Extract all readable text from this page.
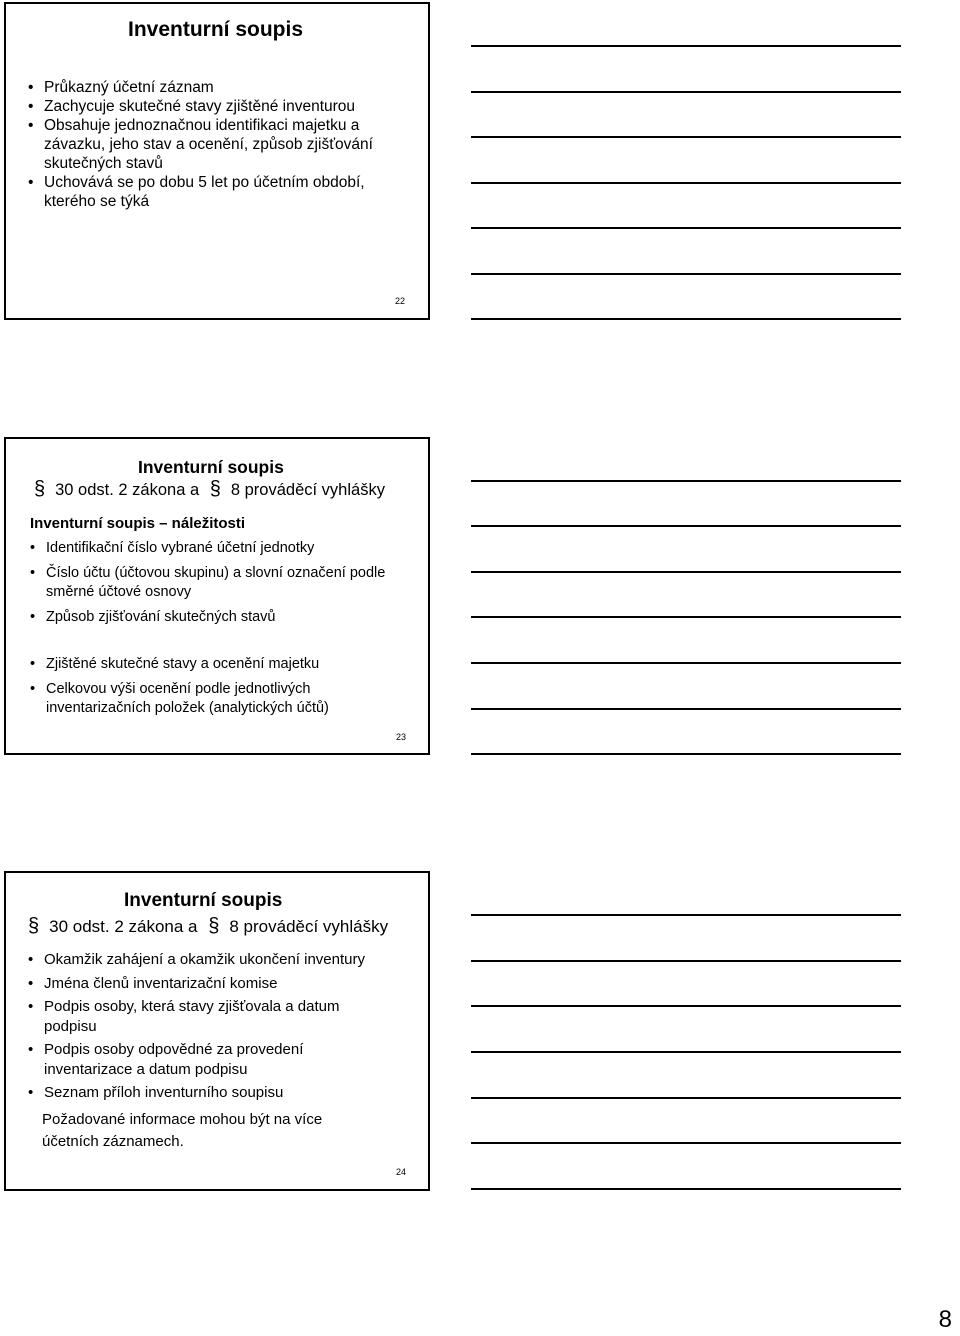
Inventurní soupis
• Průkazný účetní záznam
• Zachycuje skutečné stavy zjištěné inventurou
• Obsahuje jednoznačnou identifikaci majetku a závazku, jeho stav a ocenění, způsob zjišťování skutečných stavů
• Uchovává se po dobu 5 let po účetním období, kterého se týká
22
Inventurní soupis
§ 30 odst. 2 zákona a § 8 prováděcí vyhlášky
Inventurní soupis – náležitosti
• Identifikační číslo vybrané účetní jednotky
• Číslo účtu (účtovou skupinu) a slovní označení podle směrné účtové osnovy
• Způsob zjišťování skutečných stavů
• Zjištěné skutečné stavy a ocenění majetku
• Celkovou výši ocenění podle jednotlivých inventarizačních položek (analytických účtů)
23
Inventurní soupis
§ 30 odst. 2 zákona a § 8 prováděcí vyhlášky
• Okamžik zahájení a okamžik ukončení inventury
• Jména členů inventarizační komise
• Podpis osoby, která stavy zjišťovala a datum podpisu
• Podpis osoby odpovědné za provedení inventarizace a datum podpisu
• Seznam příloh inventurního soupisu
Požadované informace mohou být na více účetních záznamech.
24
8
